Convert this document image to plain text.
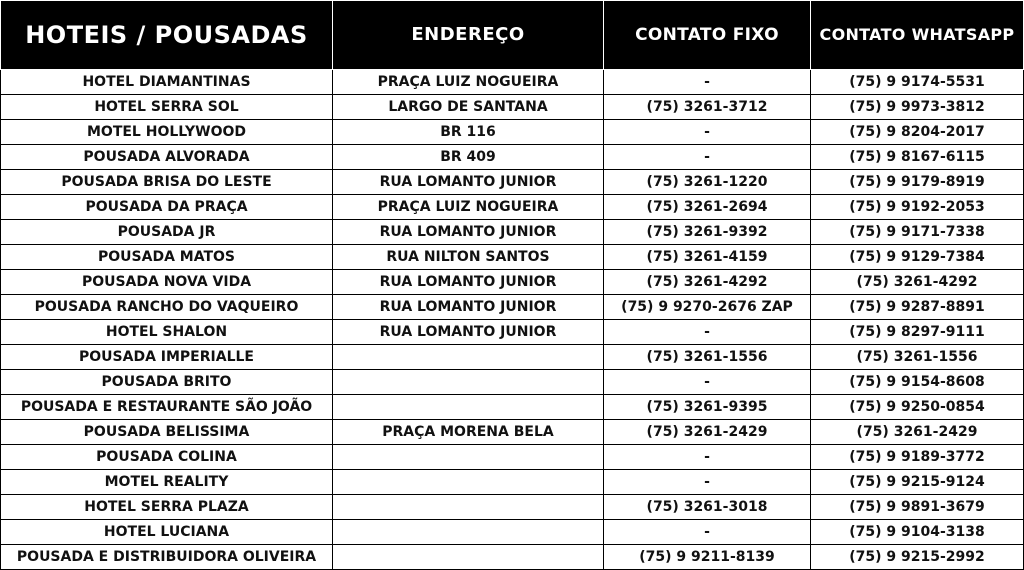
HOTEIS / POUSADAS	ENDEREÇO	CONTATO FIXO	CONTATO WHATSAPP
HOTEL DIAMANTINAS	PRAÇA LUIZ NOGUEIRA	-	(75) 9 9174-5531
HOTEL SERRA SOL	LARGO DE SANTANA	(75) 3261-3712	(75) 9 9973-3812
MOTEL HOLLYWOOD	BR 116	-	(75) 9 8204-2017
POUSADA ALVORADA	BR 409	-	(75) 9 8167-6115
POUSADA BRISA DO LESTE	RUA LOMANTO JUNIOR	(75) 3261-1220	(75) 9 9179-8919
POUSADA DA PRAÇA	PRAÇA LUIZ NOGUEIRA	(75) 3261-2694	(75) 9 9192-2053
POUSADA JR	RUA LOMANTO JUNIOR	(75) 3261-9392	(75) 9 9171-7338
POUSADA MATOS	RUA NILTON SANTOS	(75) 3261-4159	(75) 9 9129-7384
POUSADA NOVA VIDA	RUA LOMANTO JUNIOR	(75) 3261-4292	(75) 3261-4292
POUSADA RANCHO DO VAQUEIRO	RUA LOMANTO JUNIOR	(75) 9 9270-2676 ZAP	(75) 9 9287-8891
HOTEL SHALON	RUA LOMANTO JUNIOR	-	(75) 9 8297-9111
POUSADA IMPERIALLE		(75) 3261-1556	(75) 3261-1556
POUSADA BRITO		-	(75) 9 9154-8608
POUSADA E RESTAURANTE SÃO JOÃO		(75) 3261-9395	(75) 9 9250-0854
POUSADA BELISSIMA	PRAÇA MORENA BELA	(75) 3261-2429	(75) 3261-2429
POUSADA COLINA		-	(75) 9 9189-3772
MOTEL REALITY		-	(75) 9 9215-9124
HOTEL SERRA PLAZA		(75) 3261-3018	(75) 9 9891-3679
HOTEL LUCIANA		-	(75) 9 9104-3138
POUSADA E DISTRIBUIDORA OLIVEIRA		(75) 9 9211-8139	(75) 9 9215-2992
